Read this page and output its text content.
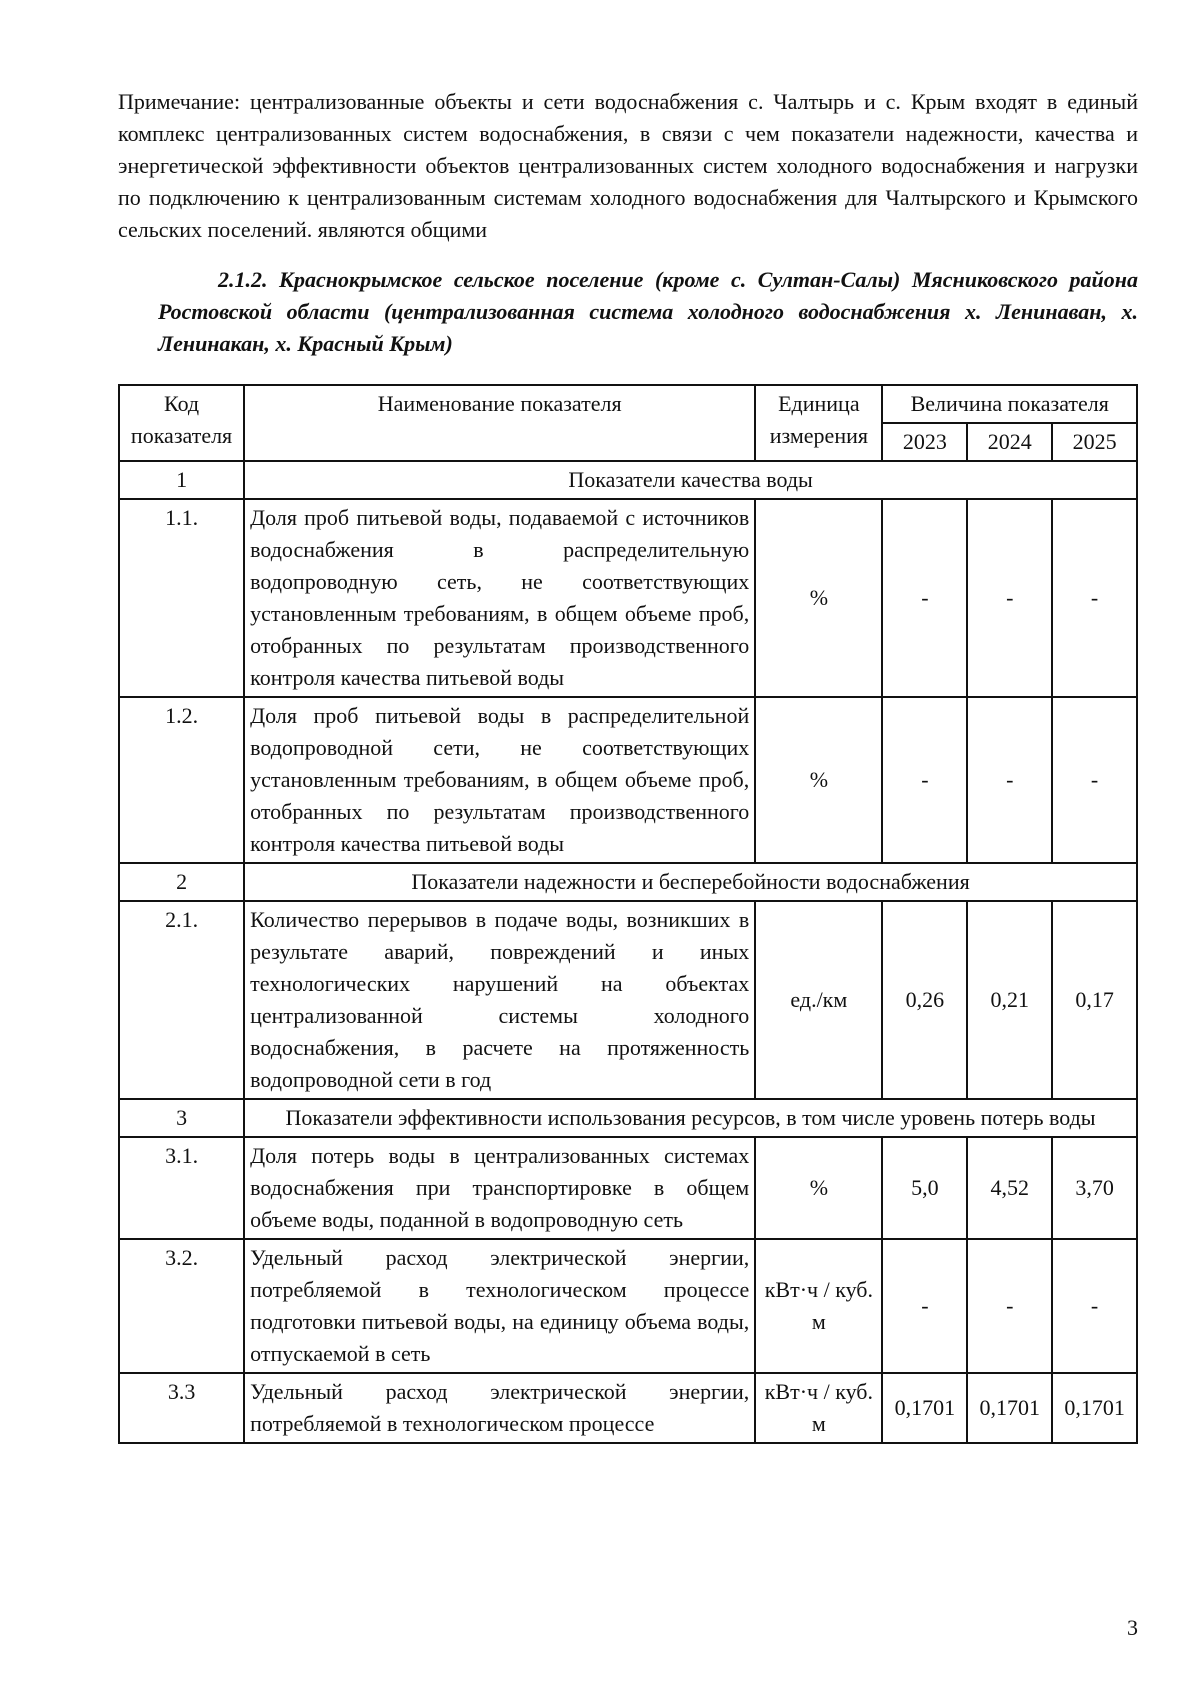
Примечание: централизованные объекты и сети водоснабжения с. Чалтырь и с. Крым входят в единый комплекс централизованных систем водоснабжения, в связи с чем показатели надежности, качества и энергетической эффективности объектов централизованных систем холодного водоснабжения и нагрузки по подключению к централизованным системам холодного водоснабжения для Чалтырского и Крымского сельских поселений. являются общими

2.1.2. Краснокрымское сельское поселение (кроме с. Султан-Салы) Мясниковского района Ростовской области (централизованная система холодного водоснабжения х. Ленинаван, х. Ленинакан, х. Красный Крым)

Код показателя	Наименование показателя	Единица измерения	Величина показателя		
			2023	2024	2025
1	Показатели качества воды				
1.1.	Доля проб питьевой воды, подаваемой с источников водоснабжения в распределительную водопроводную сеть, не соответствующих установленным требованиям, в общем объеме проб, отобранных по результатам производственного контроля качества питьевой воды	%	-	-	-
1.2.	Доля проб питьевой воды в распределительной водопроводной сети, не соответствующих установленным требованиям, в общем объеме проб, отобранных по результатам производственного контроля качества питьевой воды	%	-	-	-
2	Показатели надежности и бесперебойности водоснабжения				
2.1.	Количество перерывов в подаче воды, возникших в результате аварий, повреждений и иных технологических нарушений на объектах централизованной системы холодного водоснабжения, в расчете на протяженность водопроводной сети в год	ед./км	0,26	0,21	0,17
3	Показатели эффективности использования ресурсов, в том числе уровень потерь воды				
3.1.	Доля потерь воды в централизованных системах водоснабжения при транспортировке в общем объеме воды, поданной в водопроводную сеть	%	5,0	4,52	3,70
3.2.	Удельный расход электрической энергии, потребляемой в технологическом процессе подготовки питьевой воды, на единицу объема воды, отпускаемой в сеть	кВт·ч / куб. м	-	-	-
3.3	Удельный расход электрической энергии, потребляемой в технологическом процессе	кВт·ч / куб. м	0,1701	0,1701	0,1701
3
